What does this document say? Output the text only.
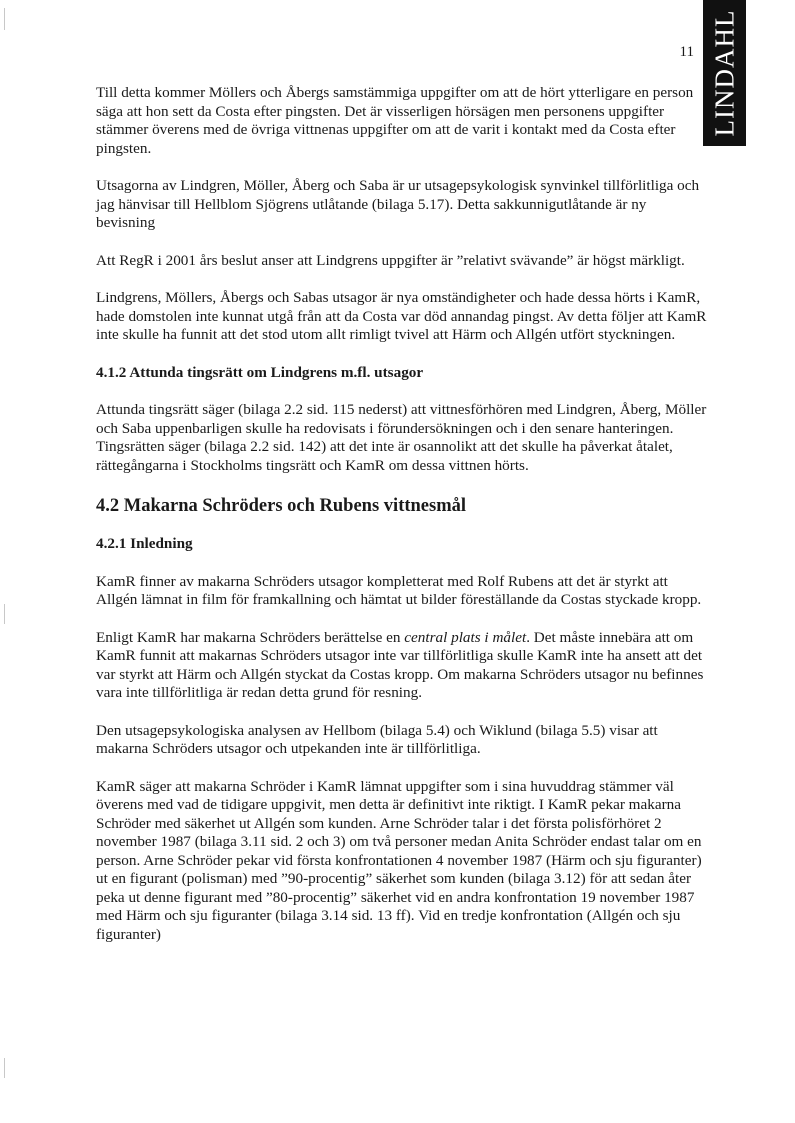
11 LINDAHL

Till detta kommer Möllers och Åbergs samstämmiga uppgifter om att de hört ytterligare en person säga att hon sett da Costa efter pingsten. Det är visserligen hörsägen men personens uppgifter stämmer överens med de övriga vittnenas uppgifter om att de varit i kontakt med da Costa efter pingsten.

Utsagorna av Lindgren, Möller, Åberg och Saba är ur utsagepsykologisk synvinkel tillförlitliga och jag hänvisar till Hellblom Sjögrens utlåtande (bilaga 5.17). Detta sakkunnigutlåtande är ny bevisning

Att RegR i 2001 års beslut anser att Lindgrens uppgifter är ”relativt svävande” är högst märkligt.

Lindgrens, Möllers, Åbergs och Sabas utsagor är nya omständigheter och hade dessa hörts i KamR, hade domstolen inte kunnat utgå från att da Costa var död annandag pingst. Av detta följer att KamR inte skulle ha funnit att det stod utom allt rimligt tvivel att Härm och Allgén utfört styckningen.

4.1.2 Attunda tingsrätt om Lindgrens m.fl. utsagor

Attunda tingsrätt säger (bilaga 2.2 sid. 115 nederst) att vittnesförhören med Lindgren, Åberg, Möller och Saba uppenbarligen skulle ha redovisats i förundersökningen och i den senare hanteringen. Tingsrätten säger (bilaga 2.2 sid. 142) att det inte är osannolikt att det skulle ha påverkat åtalet, rättegångarna i Stockholms tingsrätt och KamR om dessa vittnen hörts.

4.2 Makarna Schröders och Rubens vittnesmål
4.2.1 Inledning

KamR finner av makarna Schröders utsagor kompletterat med Rolf Rubens att det är styrkt att Allgén lämnat in film för framkallning och hämtat ut bilder föreställande da Costas styckade kropp.

Enligt KamR har makarna Schröders berättelse en central plats i målet. Det måste innebära att om KamR funnit att makarnas Schröders utsagor inte var tillförlitliga skulle KamR inte ha ansett att det var styrkt att Härm och Allgén styckat da Costas kropp. Om makarna Schröders utsagor nu befinnes vara inte tillförlitliga är redan detta grund för resning.

Den utsagepsykologiska analysen av Hellbom (bilaga 5.4) och Wiklund (bilaga 5.5) visar att makarna Schröders utsagor och utpekanden inte är tillförlitliga.

KamR säger att makarna Schröder i KamR lämnat uppgifter som i sina huvuddrag stämmer väl överens med vad de tidigare uppgivit, men detta är definitivt inte riktigt. I KamR pekar makarna Schröder med säkerhet ut Allgén som kunden. Arne Schröder talar i det första polisförhöret 2 november 1987 (bilaga 3.11 sid. 2 och 3) om två personer medan Anita Schröder endast talar om en person. Arne Schröder pekar vid första konfrontationen 4 november 1987 (Härm och sju figuranter) ut en figurant (polisman) med ”90-procentig” säkerhet som kunden (bilaga 3.12) för att sedan åter peka ut denne figurant med ”80-procentig” säkerhet vid en andra konfrontation 19 november 1987 med Härm och sju figuranter (bilaga 3.14 sid. 13 ff). Vid en tredje konfrontation (Allgén och sju figuranter)
